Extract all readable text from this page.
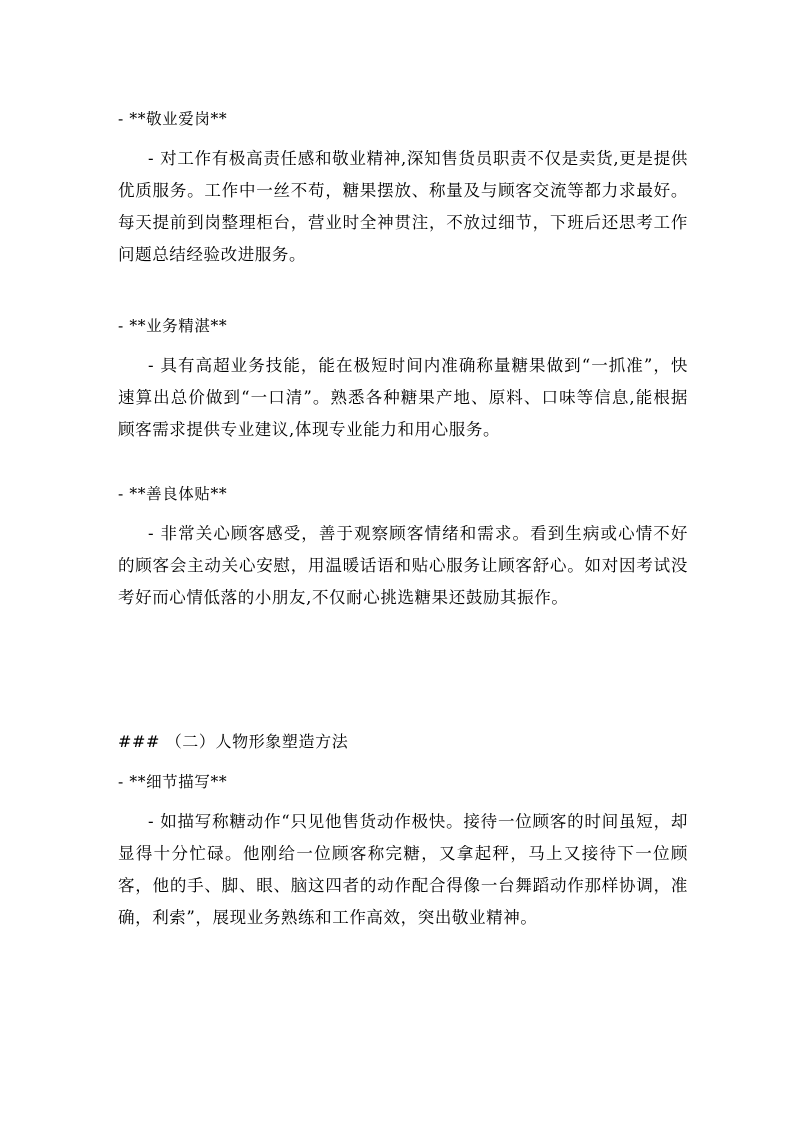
- **敬业爱岗**

- 对工作有极高责任感和敬业精神,深知售货员职责不仅是卖货,更是提供优质服务。工作中一丝不苟，糖果摆放、称量及与顾客交流等都力求最好。每天提前到岗整理柜台，营业时全神贯注，不放过细节，下班后还思考工作问题总结经验改进服务。

- **业务精湛**

- 具有高超业务技能，能在极短时间内准确称量糖果做到“一抓准”，快速算出总价做到“一口清”。熟悉各种糖果产地、原料、口味等信息,能根据顾客需求提供专业建议,体现专业能力和用心服务。

- **善良体贴**

- 非常关心顾客感受，善于观察顾客情绪和需求。看到生病或心情不好的顾客会主动关心安慰，用温暖话语和贴心服务让顾客舒心。如对因考试没考好而心情低落的小朋友,不仅耐心挑选糖果还鼓励其振作。

### （二）人物形象塑造方法

- **细节描写**

- 如描写称糖动作“只见他售货动作极快。接待一位顾客的时间虽短，却显得十分忙碌。他刚给一位顾客称完糖，又拿起秤，马上又接待下一位顾客，他的手、脚、眼、脑这四者的动作配合得像一台舞蹈动作那样协调，准确，利索”，展现业务熟练和工作高效，突出敬业精神。
